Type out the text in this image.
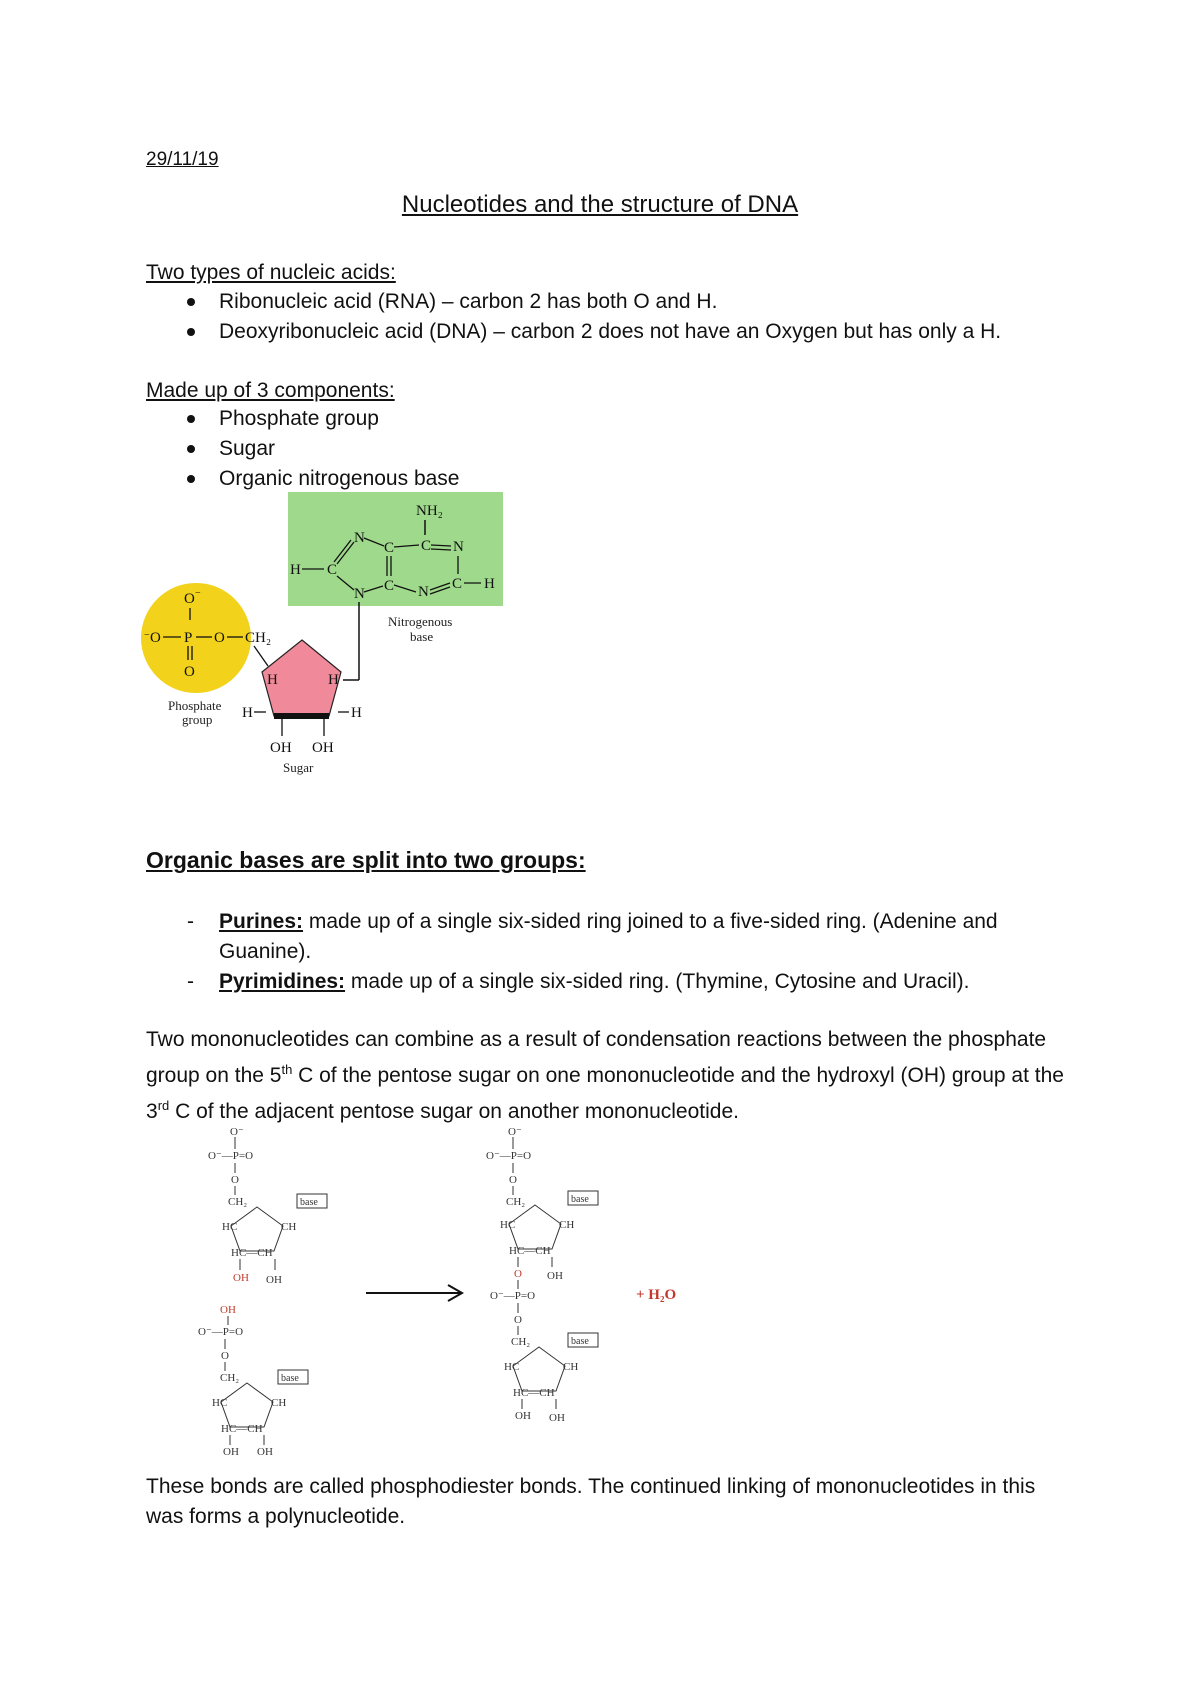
29/11/19
Nucleotides and the structure of DNA
Two types of nucleic acids:
Ribonucleic acid (RNA) – carbon 2 has both O and H.
Deoxyribonucleic acid (DNA) – carbon 2 does not have an Oxygen but has only a H.
Made up of 3 components:
Phosphate group
Sugar
Organic nitrogenous base
NH₂
C
N
C	N
H C
C
N	N C H
Nitrogenous
base
O −
− O P O
O
CH₂
Phosphate
group
H	H
H	H
OH OH
Sugar
Organic bases are split into two groups:
- Purines: made up of a single six-sided ring joined to a five-sided ring. (Adenine and Guanine).
- Pyrimidines: made up of a single six-sided ring. (Thymine, Cytosine and Uracil).
Two mononucleotides can combine as a result of condensation reactions between the phosphate group on the 5th C of the pentose sugar on one mononucleotide and the hydroxyl (OH) group at the 3rd C of the adjacent pentose sugar on another mononucleotide.
O⁻
O⁻—P=O
O
CH₂	base
HC	CH
HC—CH
OH OH
OH
O⁻—P=O
O
CH₂	base
HC	CH
HC—CH
OH OH
O⁻
O⁻—P=O
O
CH₂	base
HC	CH
HC—CH
O OH
O⁻—P=O
O
CH₂	base
HC	CH
HC—CH
OH OH
+ H₂O
These bonds are called phosphodiester bonds. The continued linking of mononucleotides in this was forms a polynucleotide.
